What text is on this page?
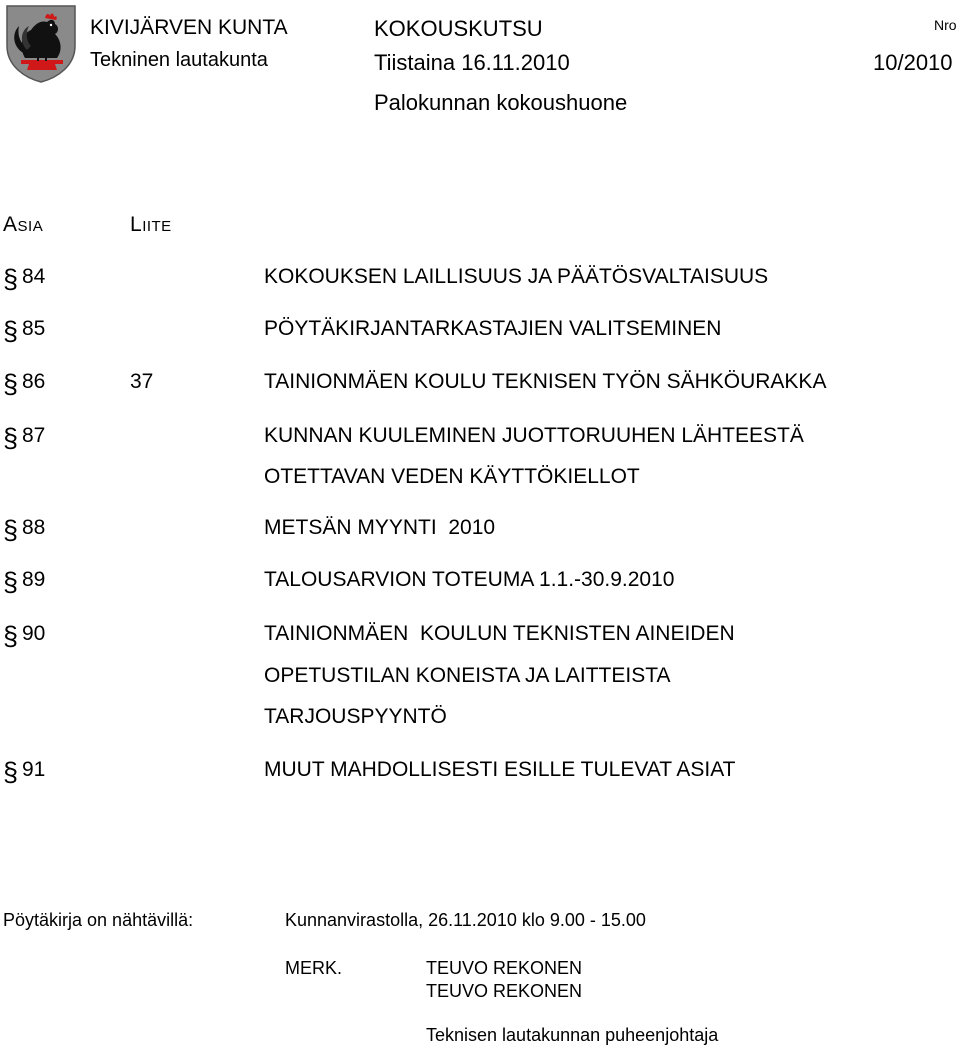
KIVIJÄRVEN KUNTA
Tekninen lautakunta
KOKOUSKUTSU
Tiistaina 16.11.2010
Palokunnan kokoushuone
Nro
10/2010
ASIA	LIITE
§ 84	KOKOUKSEN LAILLISUUS JA PÄÄTÖSVALTAISUUS
§ 85	PÖYTÄKIRJANTARKASTAJIEN VALITSEMINEN
§ 86	37	TAINIONMÄEN KOULU TEKNISEN TYÖN SÄHKÖURAKKA
§ 87	KUNNAN KUULEMINEN JUOTTORUUHEN LÄHTEESTÄ
OTETTAVAN VEDEN KÄYTTÖKIELLOT
§ 88	METSÄN MYYNTI  2010
§ 89	TALOUSARVION TOTEUMA 1.1.-30.9.2010
§ 90	TAINIONMÄEN  KOULUN TEKNISTEN AINEIDEN
OPETUSTILAN KONEISTA JA LAITTEISTA
TARJOUSPYYNTÖ
§ 91	MUUT MAHDOLLISESTI ESILLE TULEVAT ASIAT
Pöytäkirja on nähtävillä:	Kunnanvirastolla, 26.11.2010 klo 9.00 - 15.00
MERK.	TEUVO REKONEN
TEUVO REKONEN
Teknisen lautakunnan puheenjohtaja
